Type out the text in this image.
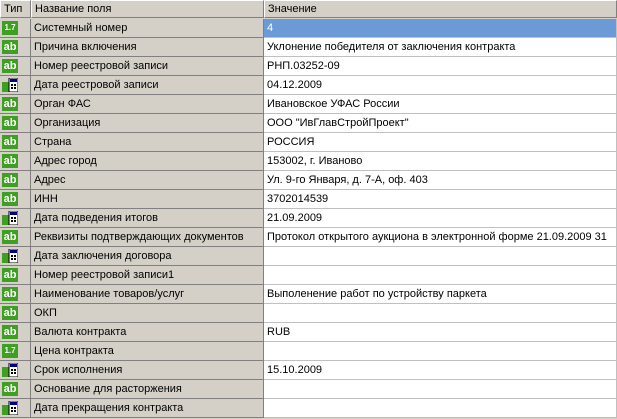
Тип	Название поля	Значение
1.7 Системный номер	4
ab Причина включения	Уклонение победителя от заключения контракта
ab Номер реестровой записи	РНП.03252-09
Дата реестровой записи	04.12.2009
ab Орган ФАС	Ивановское УФАС России
ab Организация	ООО "ИвГлавСтройПроект"
ab Страна	РОССИЯ
ab Адрес город	153002, г. Иваново
ab Адрес	Ул. 9-го Января, д. 7-А, оф. 403
ab ИНН	3702014539
Дата подведения итогов	21.09.2009
ab Реквизиты подтверждающих документов	Протокол открытого аукциона в электронной форме 21.09.2009 31
Дата заключения договора
ab Номер реестровой записи1
ab Наименование товаров/услуг	Выполенение работ по устройству паркета
ab ОКП
ab Валюта контракта	RUB
1.7 Цена контракта
Срок исполнения	15.10.2009
ab Основание для расторжения
Дата прекращения контракта
